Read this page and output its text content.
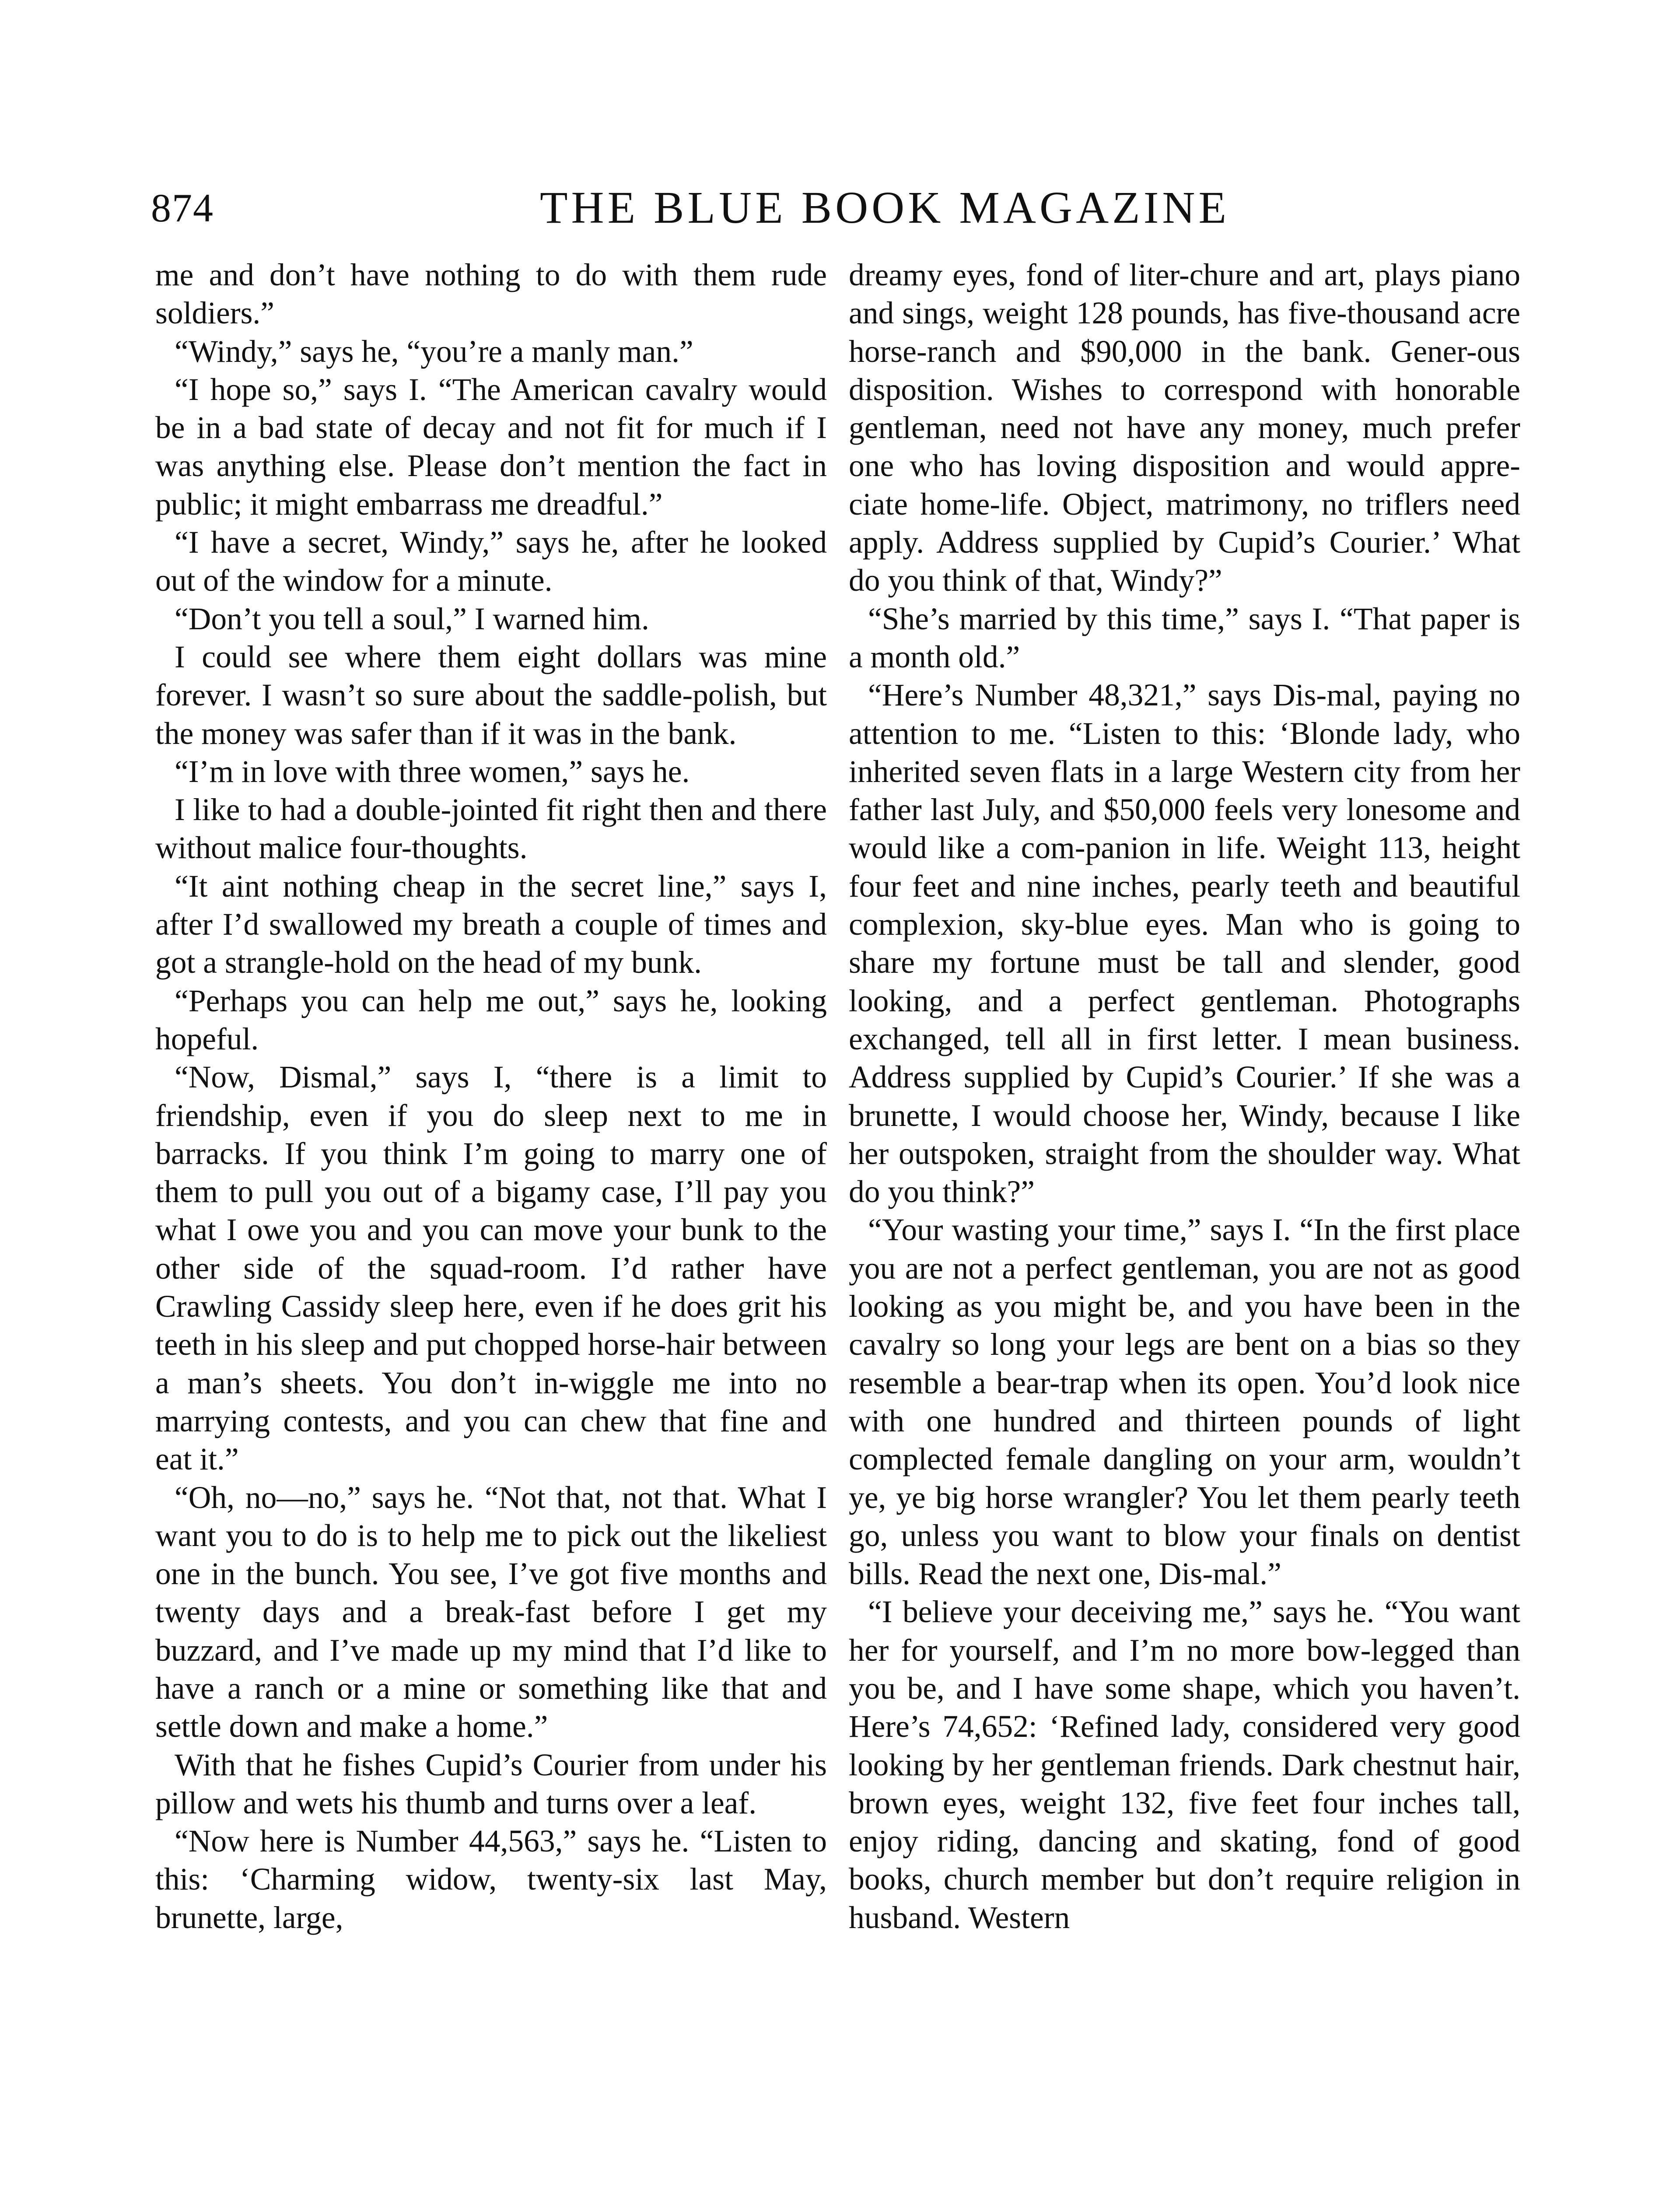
874	THE BLUE BOOK MAGAZINE

me and don’t have nothing to do with them rude soldiers.”

“Windy,” says he, “you’re a manly man.”

“I hope so,” says I. “The American cavalry would be in a bad state of decay and not fit for much if I was anything else. Please don’t mention the fact in public; it might embarrass me dreadful.”

“I have a secret, Windy,” says he, after he looked out of the window for a minute.

“Don’t you tell a soul,” I warned him.

I could see where them eight dollars was mine forever. I wasn’t so sure about the saddle-polish, but the money was safer than if it was in the bank.

“I’m in love with three women,” says he.

I like to had a double-jointed fit right then and there without malice four-thoughts.

“It aint nothing cheap in the secret line,” says I, after I’d swallowed my breath a couple of times and got a strangle-hold on the head of my bunk.

“Perhaps you can help me out,” says he, looking hopeful.

“Now, Dismal,” says I, “there is a limit to friendship, even if you do sleep next to me in barracks. If you think I’m going to marry one of them to pull you out of a bigamy case, I’ll pay you what I owe you and you can move your bunk to the other side of the squad-room. I’d rather have Crawling Cassidy sleep here, even if he does grit his teeth in his sleep and put chopped horse-hair between a man’s sheets. You don’t in-wiggle me into no marrying contests, and you can chew that fine and eat it.”

“Oh, no—no,” says he. “Not that, not that. What I want you to do is to help me to pick out the likeliest one in the bunch. You see, I’ve got five months and twenty days and a break-fast before I get my buzzard, and I’ve made up my mind that I’d like to have a ranch or a mine or something like that and settle down and make a home.”

With that he fishes Cupid’s Courier from under his pillow and wets his thumb and turns over a leaf.

“Now here is Number 44,563,” says he. “Listen to this: ‘Charming widow, twenty-six last May, brunette, large,

dreamy eyes, fond of liter-chure and art, plays piano and sings, weight 128 pounds, has five-thousand acre horse-ranch and $90,000 in the bank. Gener-ous disposition. Wishes to correspond with honorable gentleman, need not have any money, much prefer one who has loving disposition and would appre-ciate home-life. Object, matrimony, no triflers need apply. Address supplied by Cupid’s Courier.’ What do you think of that, Windy?”

“She’s married by this time,” says I. “That paper is a month old.”

“Here’s Number 48,321,” says Dis-mal, paying no attention to me. “Listen to this: ‘Blonde lady, who inherited seven flats in a large Western city from her father last July, and $50,000 feels very lonesome and would like a com-panion in life. Weight 113, height four feet and nine inches, pearly teeth and beautiful complexion, sky-blue eyes. Man who is going to share my fortune must be tall and slender, good looking, and a perfect gentleman. Photographs exchanged, tell all in first letter. I mean business. Address supplied by Cupid’s Courier.’ If she was a brunette, I would choose her, Windy, because I like her outspoken, straight from the shoulder way. What do you think?”

“Your wasting your time,” says I. “In the first place you are not a perfect gentleman, you are not as good looking as you might be, and you have been in the cavalry so long your legs are bent on a bias so they resemble a bear-trap when its open. You’d look nice with one hundred and thirteen pounds of light complected female dangling on your arm, wouldn’t ye, ye big horse wrangler? You let them pearly teeth go, unless you want to blow your finals on dentist bills. Read the next one, Dis-mal.”

“I believe your deceiving me,” says he. “You want her for yourself, and I’m no more bow-legged than you be, and I have some shape, which you haven’t. Here’s 74,652: ‘Refined lady, considered very good looking by her gentleman friends. Dark chestnut hair, brown eyes, weight 132, five feet four inches tall, enjoy riding, dancing and skating, fond of good books, church member but don’t require religion in husband. Western
